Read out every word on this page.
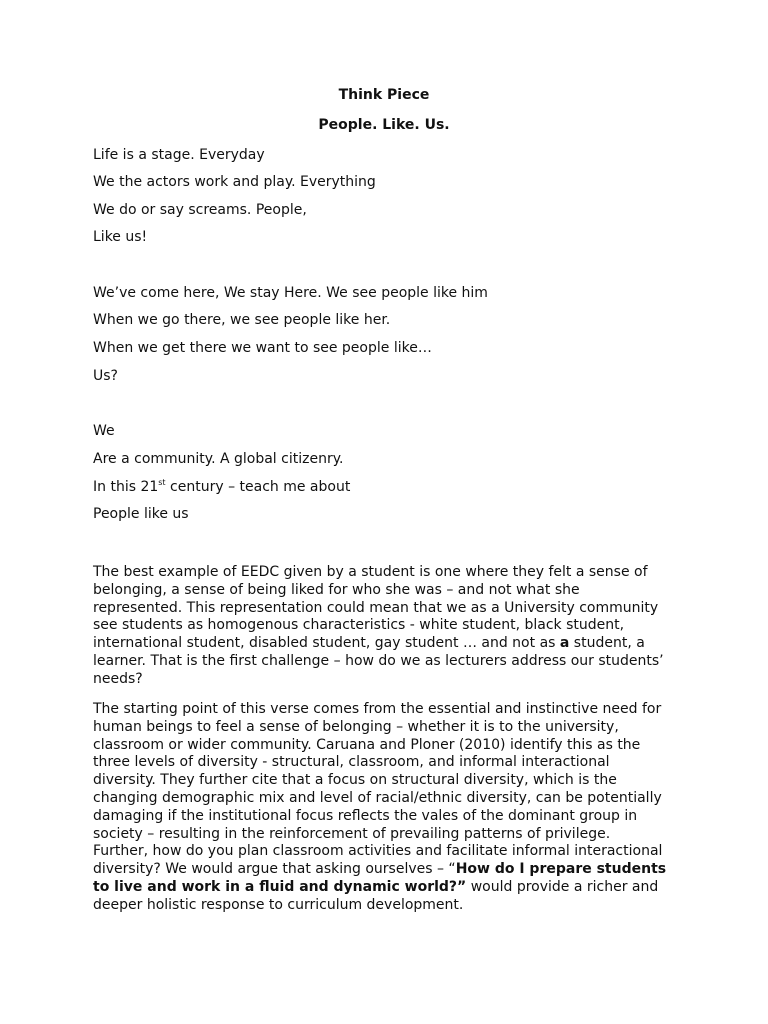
Think Piece
People. Like. Us.
Life is a stage. Everyday
We the actors work and play. Everything
We do or say screams. People,
Like us!
We’ve come here, We stay Here. We see people like him
When we go there, we see people like her.
When we get there we want to see people like…
Us?
We
Are a community. A global citizenry.
In this 21st century – teach me about
People like us
The best example of EEDC given by a student is one where they felt a sense of
belonging, a sense of being liked for who she was – and not what she
represented. This representation could mean that we as a University community
see students as homogenous characteristics - white student, black student,
international student, disabled student, gay student … and not as a student, a
learner. That is the first challenge – how do we as lecturers address our students’
needs?
The starting point of this verse comes from the essential and instinctive need for
human beings to feel a sense of belonging – whether it is to the university,
classroom or wider community. Caruana and Ploner (2010) identify this as the
three levels of diversity - structural, classroom, and informal interactional
diversity. They further cite that a focus on structural diversity, which is the
changing demographic mix and level of racial/ethnic diversity, can be potentially
damaging if the institutional focus reflects the vales of the dominant group in
society – resulting in the reinforcement of prevailing patterns of privilege.
Further, how do you plan classroom activities and facilitate informal interactional
diversity? We would argue that asking ourselves – “How do I prepare students
to live and work in a fluid and dynamic world?” would provide a richer and
deeper holistic response to curriculum development.
